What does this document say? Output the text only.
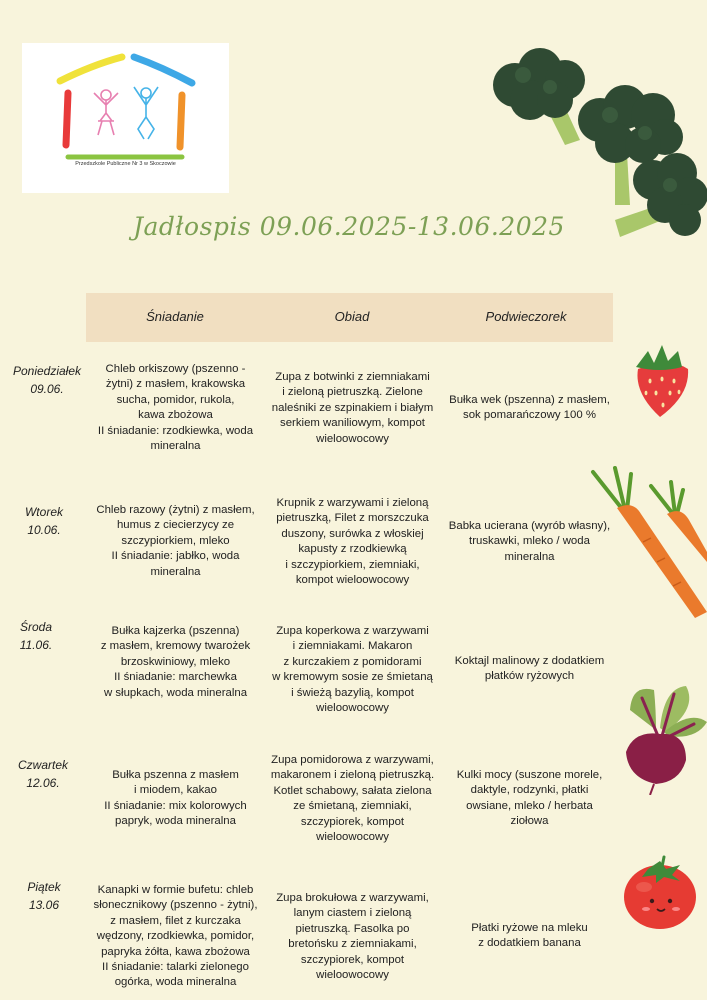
Przedszkole Publiczne Nr 3 w Skoczowie
Jadłospis 09.06.2025-13.06.2025
Śniadanie	Obiad	Podwieczorek
Poniedziałek
09.06.
Chleb orkiszowy (pszenno -
żytni) z masłem, krakowska
sucha, pomidor, rukola,
kawa zbożowa
II śniadanie: rzodkiewka, woda
mineralna
Zupa z botwinki z ziemniakami
i zieloną pietruszką. Zielone
naleśniki ze szpinakiem i białym
serkiem waniliowym, kompot
wieloowocowy
Bułka wek (pszenna) z masłem,
sok pomarańczowy 100 %
Wtorek
10.06.
Chleb razowy (żytni) z masłem,
humus z ciecierzycy ze
szczypiorkiem, mleko
II śniadanie: jabłko, woda
mineralna
Krupnik z warzywami i zieloną
pietruszką, Filet z morszczuka
duszony, surówka z włoskiej
kapusty z rzodkiewką
i szczypiorkiem, ziemniaki,
kompot wieloowocowy
Babka ucierana (wyrób własny),
truskawki, mleko / woda
mineralna
Środa
11.06.
Bułka kajzerka (pszenna)
z masłem, kremowy twarożek
brzoskwiniowy, mleko
II śniadanie: marchewka
w słupkach, woda mineralna
Zupa koperkowa z warzywami
i ziemniakami. Makaron
z kurczakiem z pomidorami
w kremowym sosie ze śmietaną
i świeżą bazylią, kompot
wieloowocowy
Koktajl malinowy z dodatkiem
płatków ryżowych
Czwartek
12.06.
Bułka pszenna z masłem
i miodem, kakao
II śniadanie: mix kolorowych
papryk, woda mineralna
Zupa pomidorowa z warzywami,
makaronem i zieloną pietruszką.
Kotlet schabowy, sałata zielona
ze śmietaną, ziemniaki,
szczypiorek, kompot
wieloowocowy
Kulki mocy (suszone morele,
daktyle, rodzynki, płatki
owsiane, mleko / herbata
ziołowa
Piątek
13.06
Kanapki w formie bufetu: chleb
słonecznikowy (pszenno - żytni),
z masłem, filet z kurczaka
wędzony, rzodkiewka, pomidor,
papryka żółta, kawa zbożowa
II śniadanie: talarki zielonego
ogórka, woda mineralna
Zupa brokułowa z warzywami,
lanym ciastem i zieloną
pietruszką. Fasolka po
bretońsku z ziemniakami,
szczypiorek, kompot
wieloowocowy
Płatki ryżowe na mleku
z dodatkiem banana
